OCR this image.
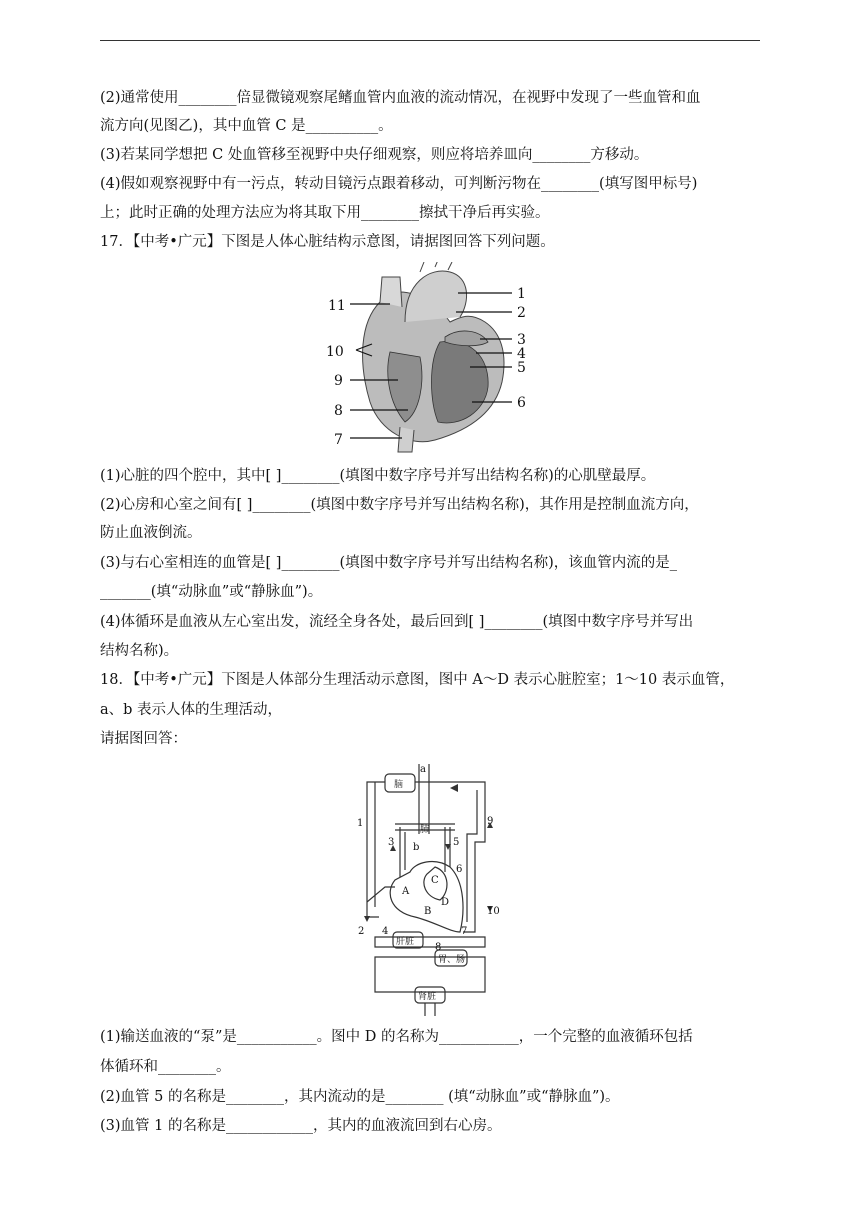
(2)通常使用________倍显微镜观察尾鳍血管内血液的流动情况，在视野中发现了一些血管和血
流方向(见图乙)，其中血管 C 是__________。
(3)若某同学想把 C 处血管移至视野中央仔细观察，则应将培养皿向________方移动。
(4)假如观察视野中有一污点，转动目镜污点跟着移动，可判断污物在________(填写图甲标号)
上；此时正确的处理方法应为将其取下用________擦拭干净后再实验。
17．【中考•广元】下图是人体心脏结构示意图，请据图回答下列问题。
11
10
9
8
7
1
2
3
4
5
6
(1)心脏的四个腔中，其中[ ]________(填图中数字序号并写出结构名称)的心肌壁最厚。
(2)心房和心室之间有[ ]________(填图中数字序号并写出结构名称)，其作用是控制血流方向，
防止血液倒流。
(3)与右心室相连的血管是[ ]________(填图中数字序号并写出结构名称)，该血管内流的是_
_______(填“动脉血”或“静脉血”)。
(4)体循环是血液从左心室出发，流经全身各处，最后回到[ ]________(填图中数字序号并写出
结构名称)。
18．【中考•广元】下图是人体部分生理活动示意图，图中 A～D 表示心脏腔室；1～10 表示血管，
a、b 表示人体的生理活动，
请据图回答：
脑
肺
肝脏
胃、肠
肾脏
A
B
C
D
1
2
3
4
5
6
7
8
9
10
a
b
(1)输送血液的“泵”是___________。图中 D 的名称为___________，一个完整的血液循环包括
体循环和________。
(2)血管 5 的名称是________，其内流动的是________ (填“动脉血”或“静脉血”)。
(3)血管 1 的名称是____________，其内的血液流回到右心房。
